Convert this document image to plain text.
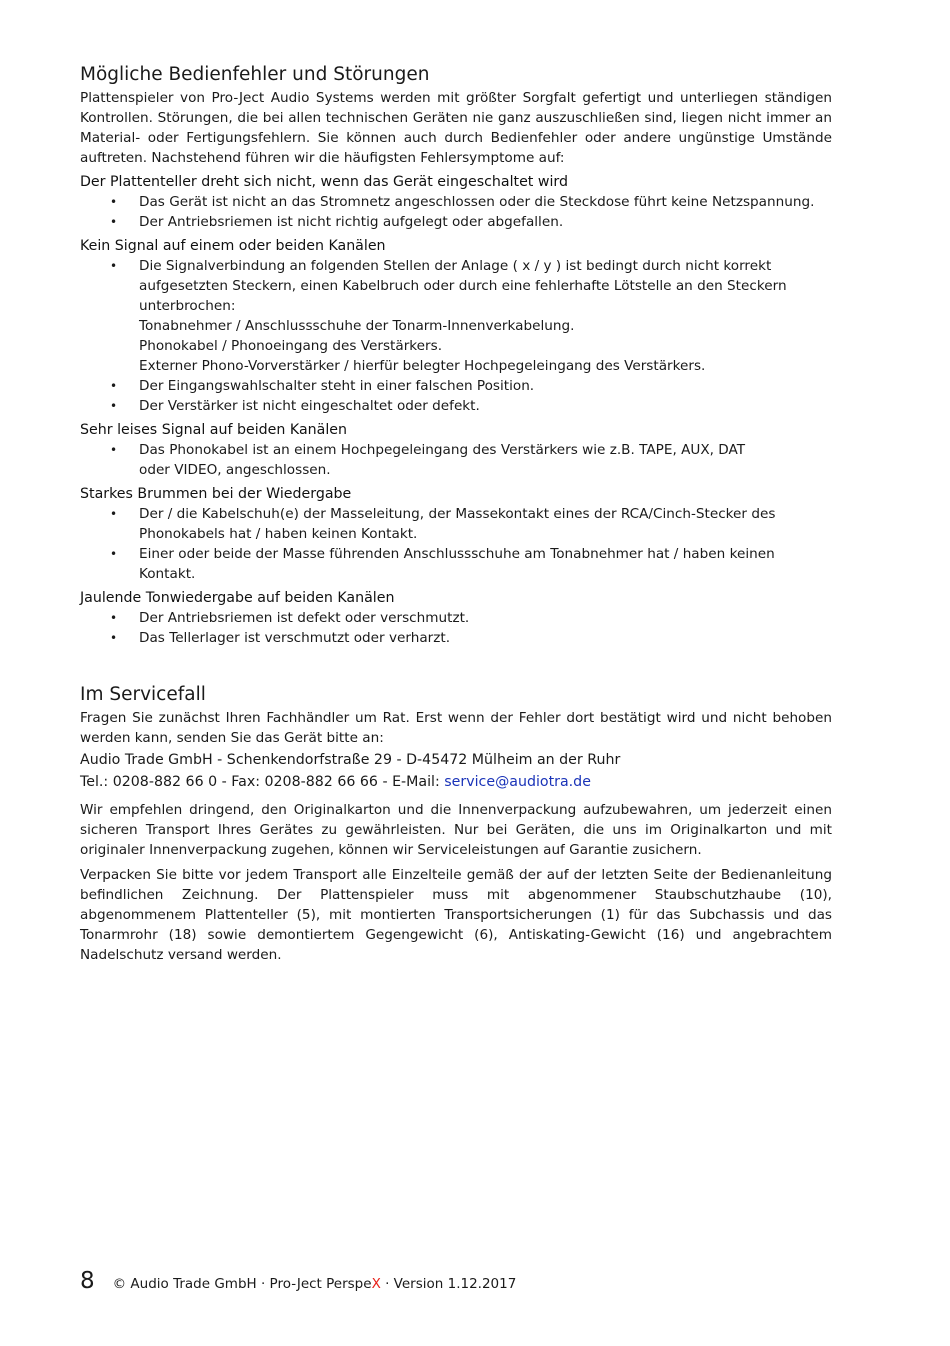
Mögliche Bedienfehler und Störungen

Plattenspieler von Pro-Ject Audio Systems werden mit größter Sorgfalt gefertigt und unterliegen ständigen Kontrollen. Störungen, die bei allen technischen Geräten nie ganz auszuschließen sind, liegen nicht immer an Material- oder Fertigungsfehlern. Sie können auch durch Bedienfehler oder andere ungünstige Umstände auftreten. Nachstehend führen wir die häufigsten Fehlersymptome auf:

Der Plattenteller dreht sich nicht, wenn das Gerät eingeschaltet wird
• Das Gerät ist nicht an das Stromnetz angeschlossen oder die Steckdose führt keine Netzspannung.
• Der Antriebsriemen ist nicht richtig aufgelegt oder abgefallen.
Kein Signal auf einem oder beiden Kanälen
• Die Signalverbindung an folgenden Stellen der Anlage ( x / y ) ist bedingt durch nicht korrekt aufgesetzten Steckern, einen Kabelbruch oder durch eine fehlerhafte Lötstelle an den Steckern unterbrochen:
Tonabnehmer / Anschlussschuhe der Tonarm-Innenverkabelung.
Phonokabel / Phonoeingang des Verstärkers.
Externer Phono-Vorverstärker / hierfür belegter Hochpegeleingang des Verstärkers.
• Der Eingangswahlschalter steht in einer falschen Position.
• Der Verstärker ist nicht eingeschaltet oder defekt.
Sehr leises Signal auf beiden Kanälen
• Das Phonokabel ist an einem Hochpegeleingang des Verstärkers wie z.B. TAPE, AUX, DAT
oder VIDEO, angeschlossen.
Starkes Brummen bei der Wiedergabe
• Der / die Kabelschuh(e) der Masseleitung, der Massekontakt eines der RCA/Cinch-Stecker des Phonokabels hat / haben keinen Kontakt.
• Einer oder beide der Masse führenden Anschlussschuhe am Tonabnehmer hat / haben keinen Kontakt.
Jaulende Tonwiedergabe auf beiden Kanälen
• Der Antriebsriemen ist defekt oder verschmutzt.
• Das Tellerlager ist verschmutzt oder verharzt.
Im Servicefall

Fragen Sie zunächst Ihren Fachhändler um Rat. Erst wenn der Fehler dort bestätigt wird und nicht behoben werden kann, senden Sie das Gerät bitte an:

Audio Trade GmbH - Schenkendorfstraße 29 - D-45472 Mülheim an der Ruhr
Tel.: 0208-882 66 0 - Fax: 0208-882 66 66 - E-Mail: service@audiotra.de

Wir empfehlen dringend, den Originalkarton und die Innenverpackung aufzubewahren, um jederzeit einen sicheren Transport Ihres Gerätes zu gewährleisten. Nur bei Geräten, die uns im Originalkarton und mit originaler Innenverpackung zugehen, können wir Serviceleistungen auf Garantie zusichern.

Verpacken Sie bitte vor jedem Transport alle Einzelteile gemäß der auf der letzten Seite der Bedienanleitung befindlichen Zeichnung. Der Plattenspieler muss mit abgenommener Staubschutzhaube (10), abgenommenem Plattenteller (5), mit montierten Transportsicherungen (1) für das Subchassis und das Tonarmrohr (18) sowie demontiertem Gegengewicht (6), Antiskating-Gewicht (16) und angebrachtem Nadelschutz versand werden.

8 © Audio Trade GmbH · Pro-Ject PerspeX · Version 1.12.2017
